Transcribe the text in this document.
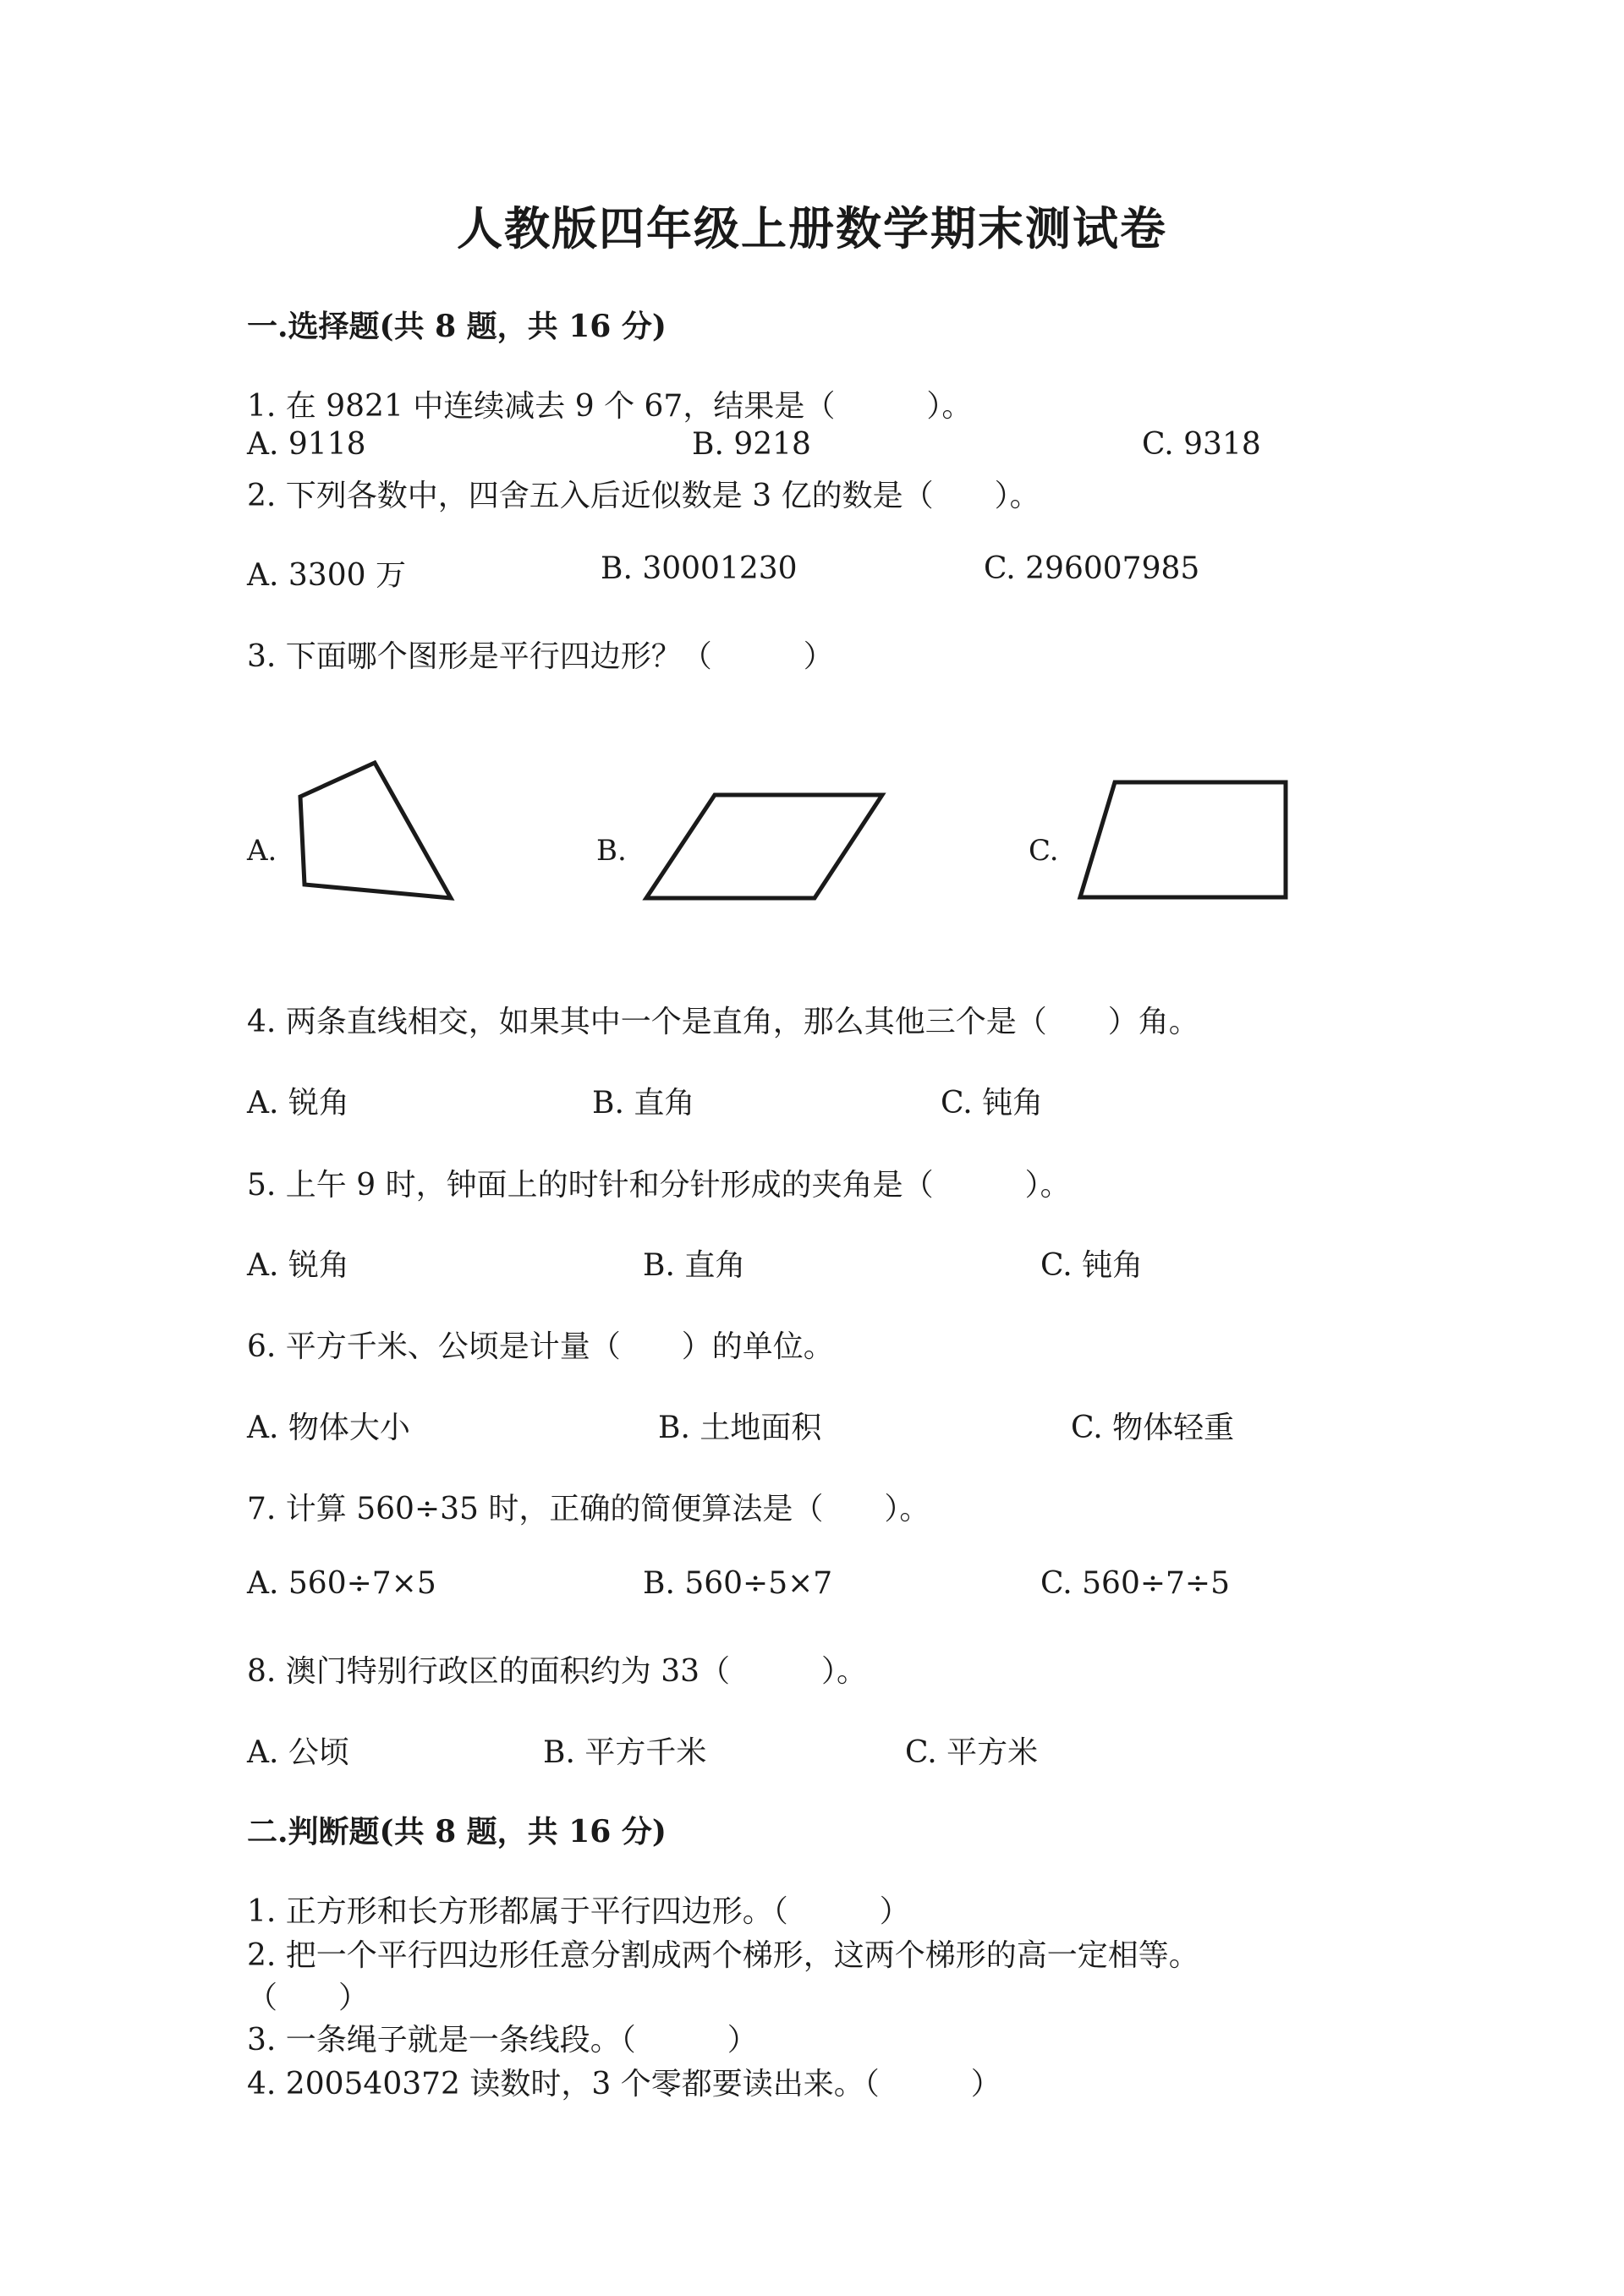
人教版四年级上册数学期末测试卷
一.选择题(共 8 题，共 16 分)
1. 在 9821 中连续减去 9 个 67，结果是（　　　）。
A. 9118	B. 9218	C. 9318
2. 下列各数中，四舍五入后近似数是 3 亿的数是（　　）。
A. 3300 万	B. 30001230	C. 296007985
3. 下面哪个图形是平行四边形？（　　　）
A.	B.	C.
4. 两条直线相交，如果其中一个是直角，那么其他三个是（　　）角。
A. 锐角	B. 直角	C. 钝角
5. 上午 9 时，钟面上的时针和分针形成的夹角是（　　　）。
A. 锐角	B. 直角	C. 钝角
6. 平方千米、公顷是计量（　　）的单位。
A. 物体大小	B. 土地面积	C. 物体轻重
7. 计算 560÷35 时，正确的简便算法是（　　）。
A. 560÷7×5	B. 560÷5×7	C. 560÷7÷5
8. 澳门特别行政区的面积约为 33（　　　）。
A. 公顷	B. 平方千米	C. 平方米
二.判断题(共 8 题，共 16 分)
1. 正方形和长方形都属于平行四边形。（　　　）
2. 把一个平行四边形任意分割成两个梯形，这两个梯形的高一定相等。
（　　）
3. 一条绳子就是一条线段。（　　　）
4. 200540372 读数时，3 个零都要读出来。（　　　）
